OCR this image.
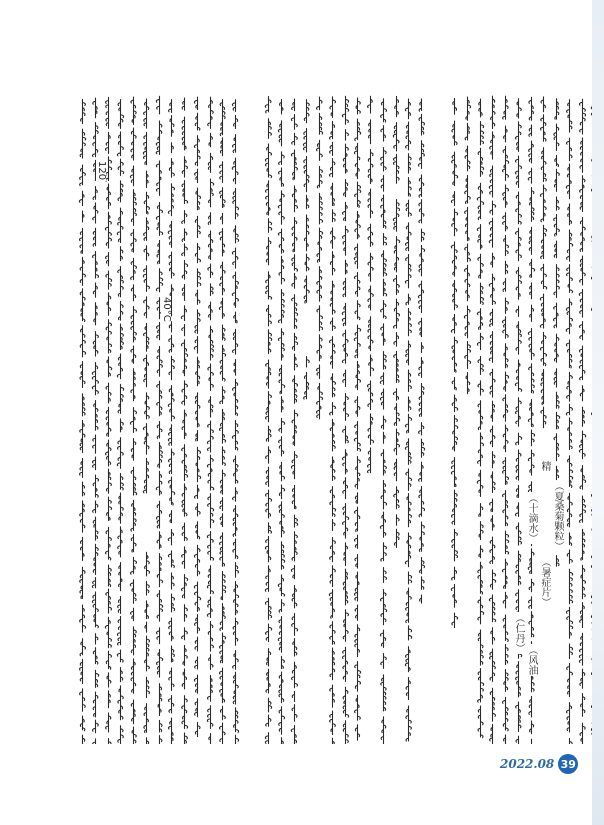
（夏桑菊颗粒）
精
（暑症片）
（十滴水）
（风油
（仁丹）
120
40°C
2022.08 39
